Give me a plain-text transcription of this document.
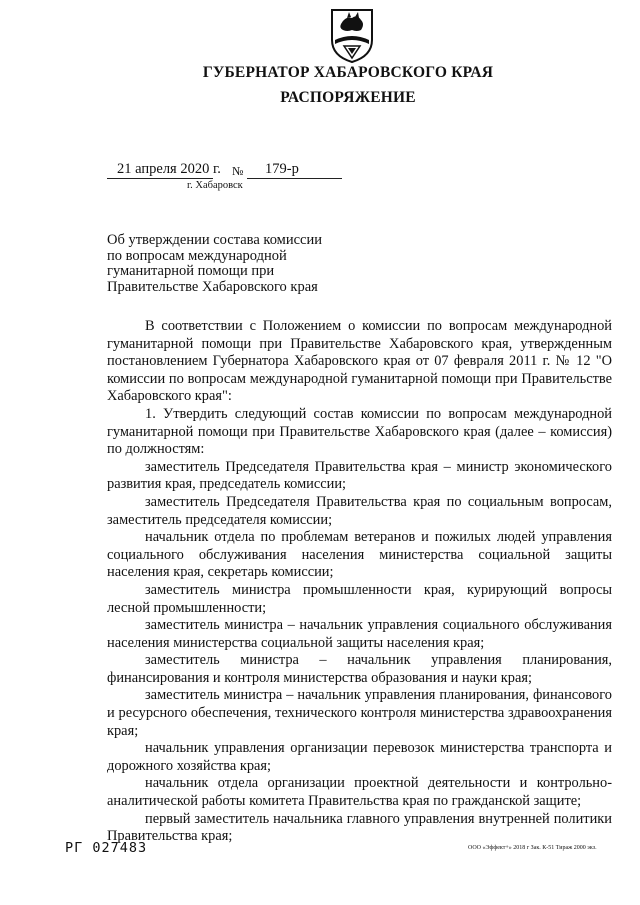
ГУБЕРНАТОР ХАБАРОВСКОГО КРАЯ
РАСПОРЯЖЕНИЕ
21 апреля 2020 г. № 179-р
г. Хабаровск
Об утверждении состава комиссии по вопросам международной гуманитарной помощи при Правительстве Хабаровского края

В соответствии с Положением о комиссии по вопросам международной гуманитарной помощи при Правительстве Хабаровского края, утвержденным постановлением Губернатора Хабаровского края от 07 февраля 2011 г. № 12 "О комиссии по вопросам международной гуманитарной помощи при Правительстве Хабаровского края":

1. Утвердить следующий состав комиссии по вопросам международной гуманитарной помощи при Правительстве Хабаровского края (далее – комиссия) по должностям:

заместитель Председателя Правительства края – министр экономического развития края, председатель комиссии;

заместитель Председателя Правительства края по социальным вопросам, заместитель председателя комиссии;

начальник отдела по проблемам ветеранов и пожилых людей управления социального обслуживания населения министерства социальной защиты населения края, секретарь комиссии;

заместитель министра промышленности края, курирующий вопросы лесной промышленности;

заместитель министра – начальник управления социального обслуживания населения министерства социальной защиты населения края;

заместитель министра – начальник управления планирования, финансирования и контроля министерства образования и науки края;

заместитель министра – начальник управления планирования, финансового и ресурсного обеспечения, технического контроля министерства здравоохранения края;

начальник управления организации перевозок министерства транспорта и дорожного хозяйства края;

начальник отдела организации проектной деятельности и контрольно-аналитической работы комитета Правительства края по гражданской защите;

первый заместитель начальника главного управления внутренней политики Правительства края;

РГ 027483	ООО «Эффект+» 2018 г Зак. К-51 Тираж 2000 экз.
